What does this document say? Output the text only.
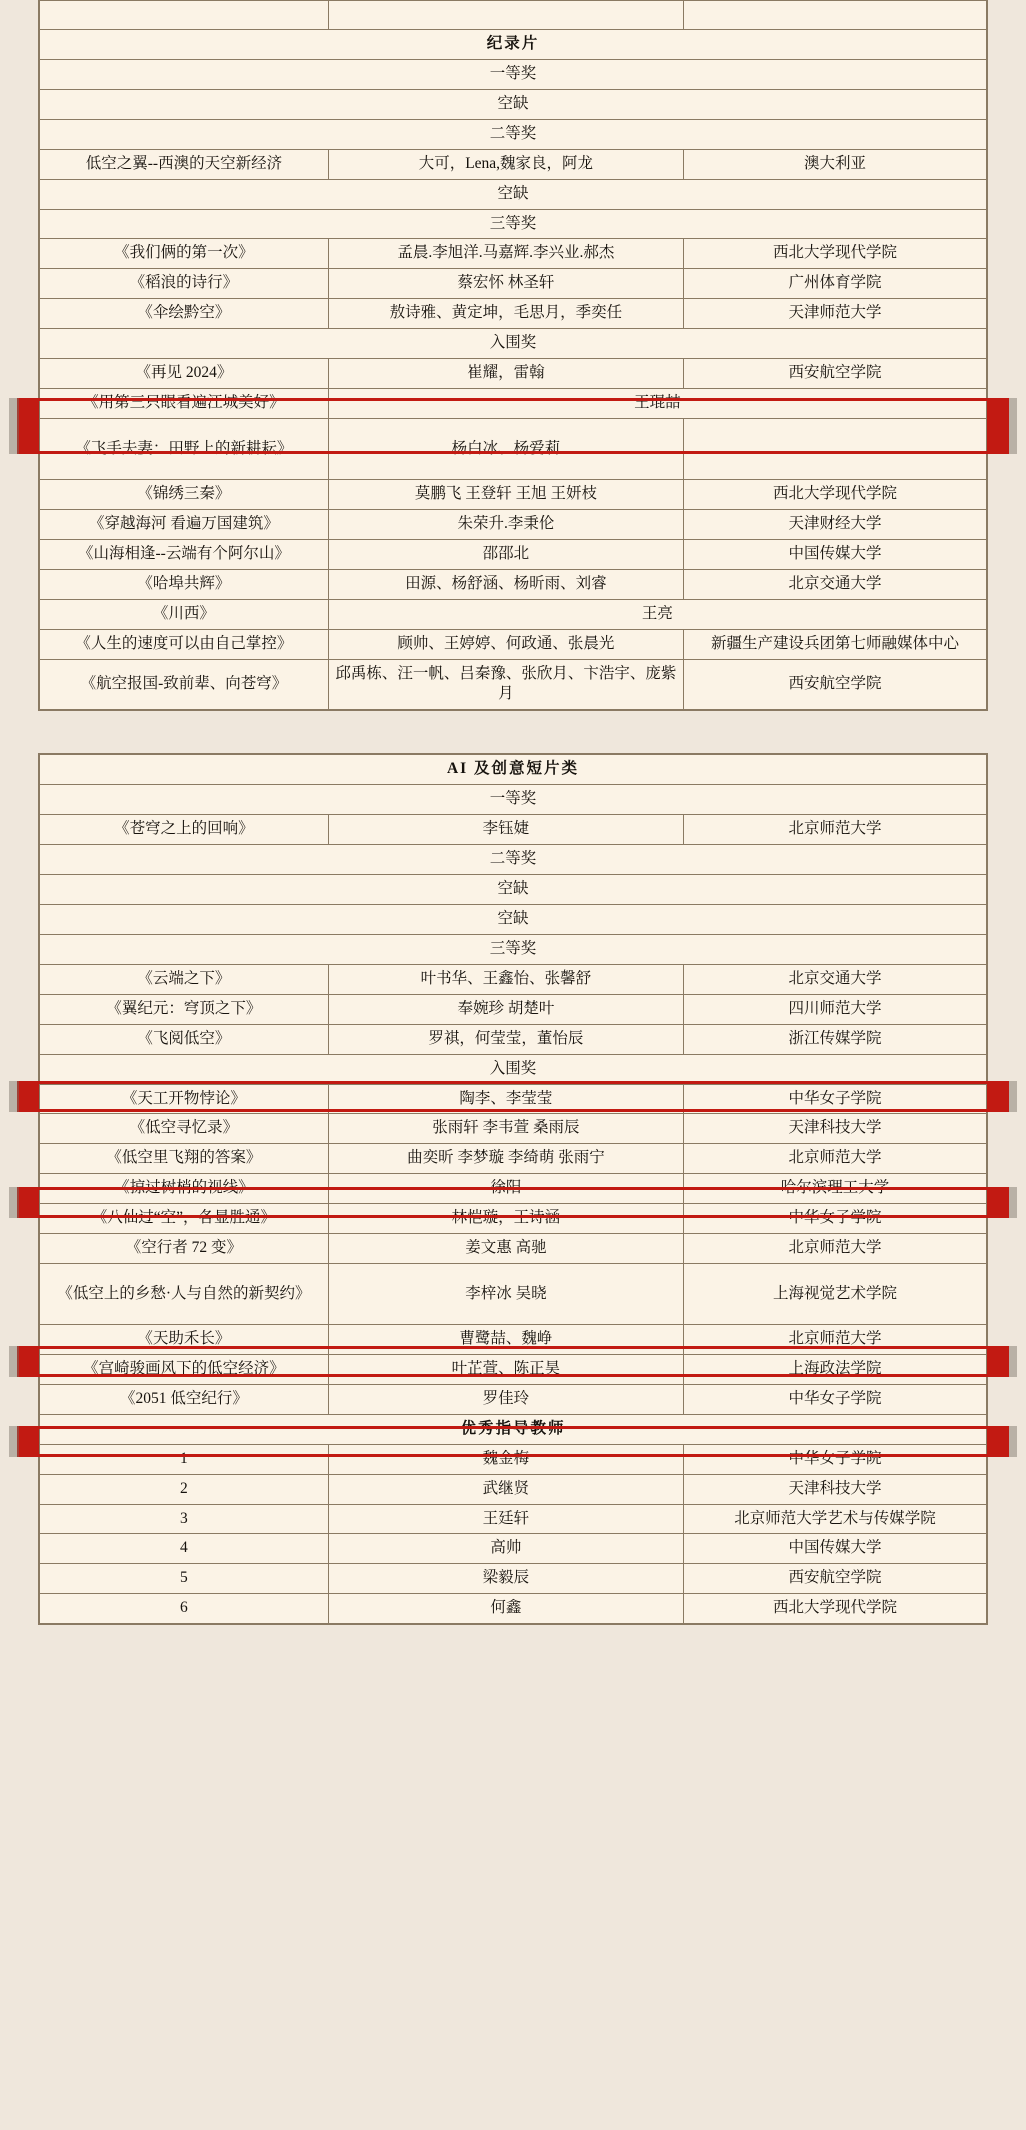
纪录片		
一等奖		
空缺		
二等奖		
低空之翼--西澳的天空新经济	大可，Lena,魏家良，阿龙	澳大利亚
空缺		
三等奖		
《我们俩的第一次》	孟晨.李旭洋.马嘉辉.李兴业.郝杰	西北大学现代学院
《稻浪的诗行》	蔡宏怀 林圣轩	广州体育学院
《伞绘黔空》	敖诗雅、黄定坤，毛思月，季奕任	天津师范大学
入围奖		
《再见 2024》	崔耀，雷翰	西安航空学院
《用第三只眼看遍江城美好》	王琨喆	
《飞手夫妻：田野上的新耕耘》	杨白冰、杨爱莉	
《锦绣三秦》	莫鹏飞 王登轩 王旭 王妍枝	西北大学现代学院
《穿越海河 看遍万国建筑》	朱荣升.李秉伦	天津财经大学
《山海相逢--云端有个阿尔山》	邵邵北	中国传媒大学
《哈埠共辉》	田源、杨舒涵、杨昕雨、刘睿	北京交通大学
《川西》	王亮	
《人生的速度可以由自己掌控》	顾帅、王婷婷、何政通、张晨光	新疆生产建设兵团第七师融媒体中心
《航空报国-致前辈、向苍穹》	邱禹栋、汪一帆、吕秦豫、张欣月、卞浩宇、庞紫月	西安航空学院
AI 及创意短片类		
一等奖		
《苍穹之上的回响》	李钰婕	北京师范大学
二等奖		
空缺		
空缺		
三等奖		
《云端之下》	叶书华、王鑫怡、张馨舒	北京交通大学
《翼纪元：穹顶之下》	奉婉珍 胡楚叶	四川师范大学
《飞阅低空》	罗祺，何莹莹，董怡辰	浙江传媒学院
入围奖		
《天工开物悖论》	陶李、李莹莹	中华女子学院
《低空寻忆录》	张雨轩 李韦萱 桑雨辰	天津科技大学
《低空里飞翔的答案》	曲奕昕 李梦璇 李绮萌 张雨宁	北京师范大学
《掠过树梢的视线》	徐阳	哈尔滨理工大学
《八仙过“空”，各显胜通》	林恺璇，王诗涵	中华女子学院
《空行者 72 变》	姜文惠 高驰	北京师范大学
《低空上的乡愁·人与自然的新契约》	李梓冰 吴晓	上海视觉艺术学院
《天助禾长》	曹鹭喆、魏峥	北京师范大学
《宫崎骏画风下的低空经济》	叶芷萱、陈正昊	上海政法学院
《2051 低空纪行》	罗佳玲	中华女子学院
优秀指导教师		
1	魏金梅	中华女子学院
2	武继贤	天津科技大学
3	王廷轩	北京师范大学艺术与传媒学院
4	高帅	中国传媒大学
5	梁毅辰	西安航空学院
6	何鑫	西北大学现代学院
